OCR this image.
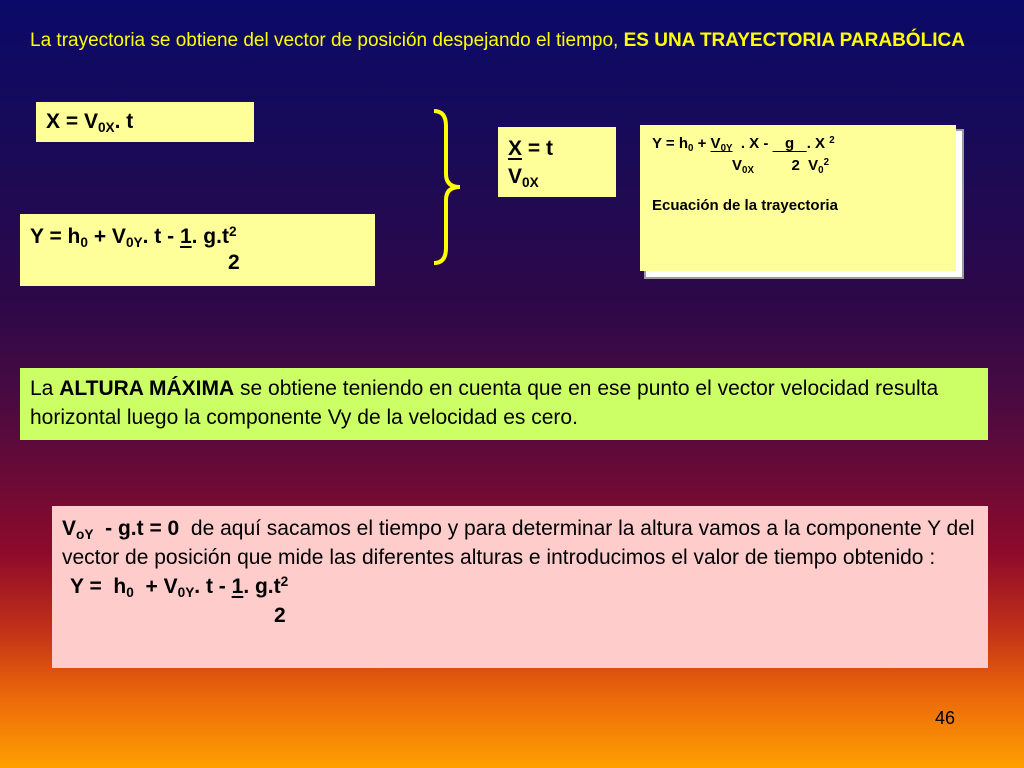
La trayectoria se obtiene del vector de posición despejando el tiempo, ES UNA TRAYECTORIA PARABÓLICA
$X = V_{0X}$. t
$Y = h_0 + V_{0Y}$. t - 1. $g.t^2$
2
X = t
$V_{0X}$
$Y = h_0 + V_{0Y}$  . X -    g   . X $^2$
$V_{0X}$         2  $V_0^2$
Ecuación de la trayectoria
La ALTURA MÁXIMA se obtiene teniendo en cuenta que en ese punto el vector velocidad resulta horizontal luego la componente Vy de la velocidad es cero.
$V_{oY} - g.t = 0$  de aquí sacamos el tiempo y para determinar la altura vamos a la componente Y del vector de posición que mide las diferentes alturas e introducimos el valor de tiempo obtenido :
$Y = h_0 + V_{0Y}$. t - 1. $g.t^2$
2
46
